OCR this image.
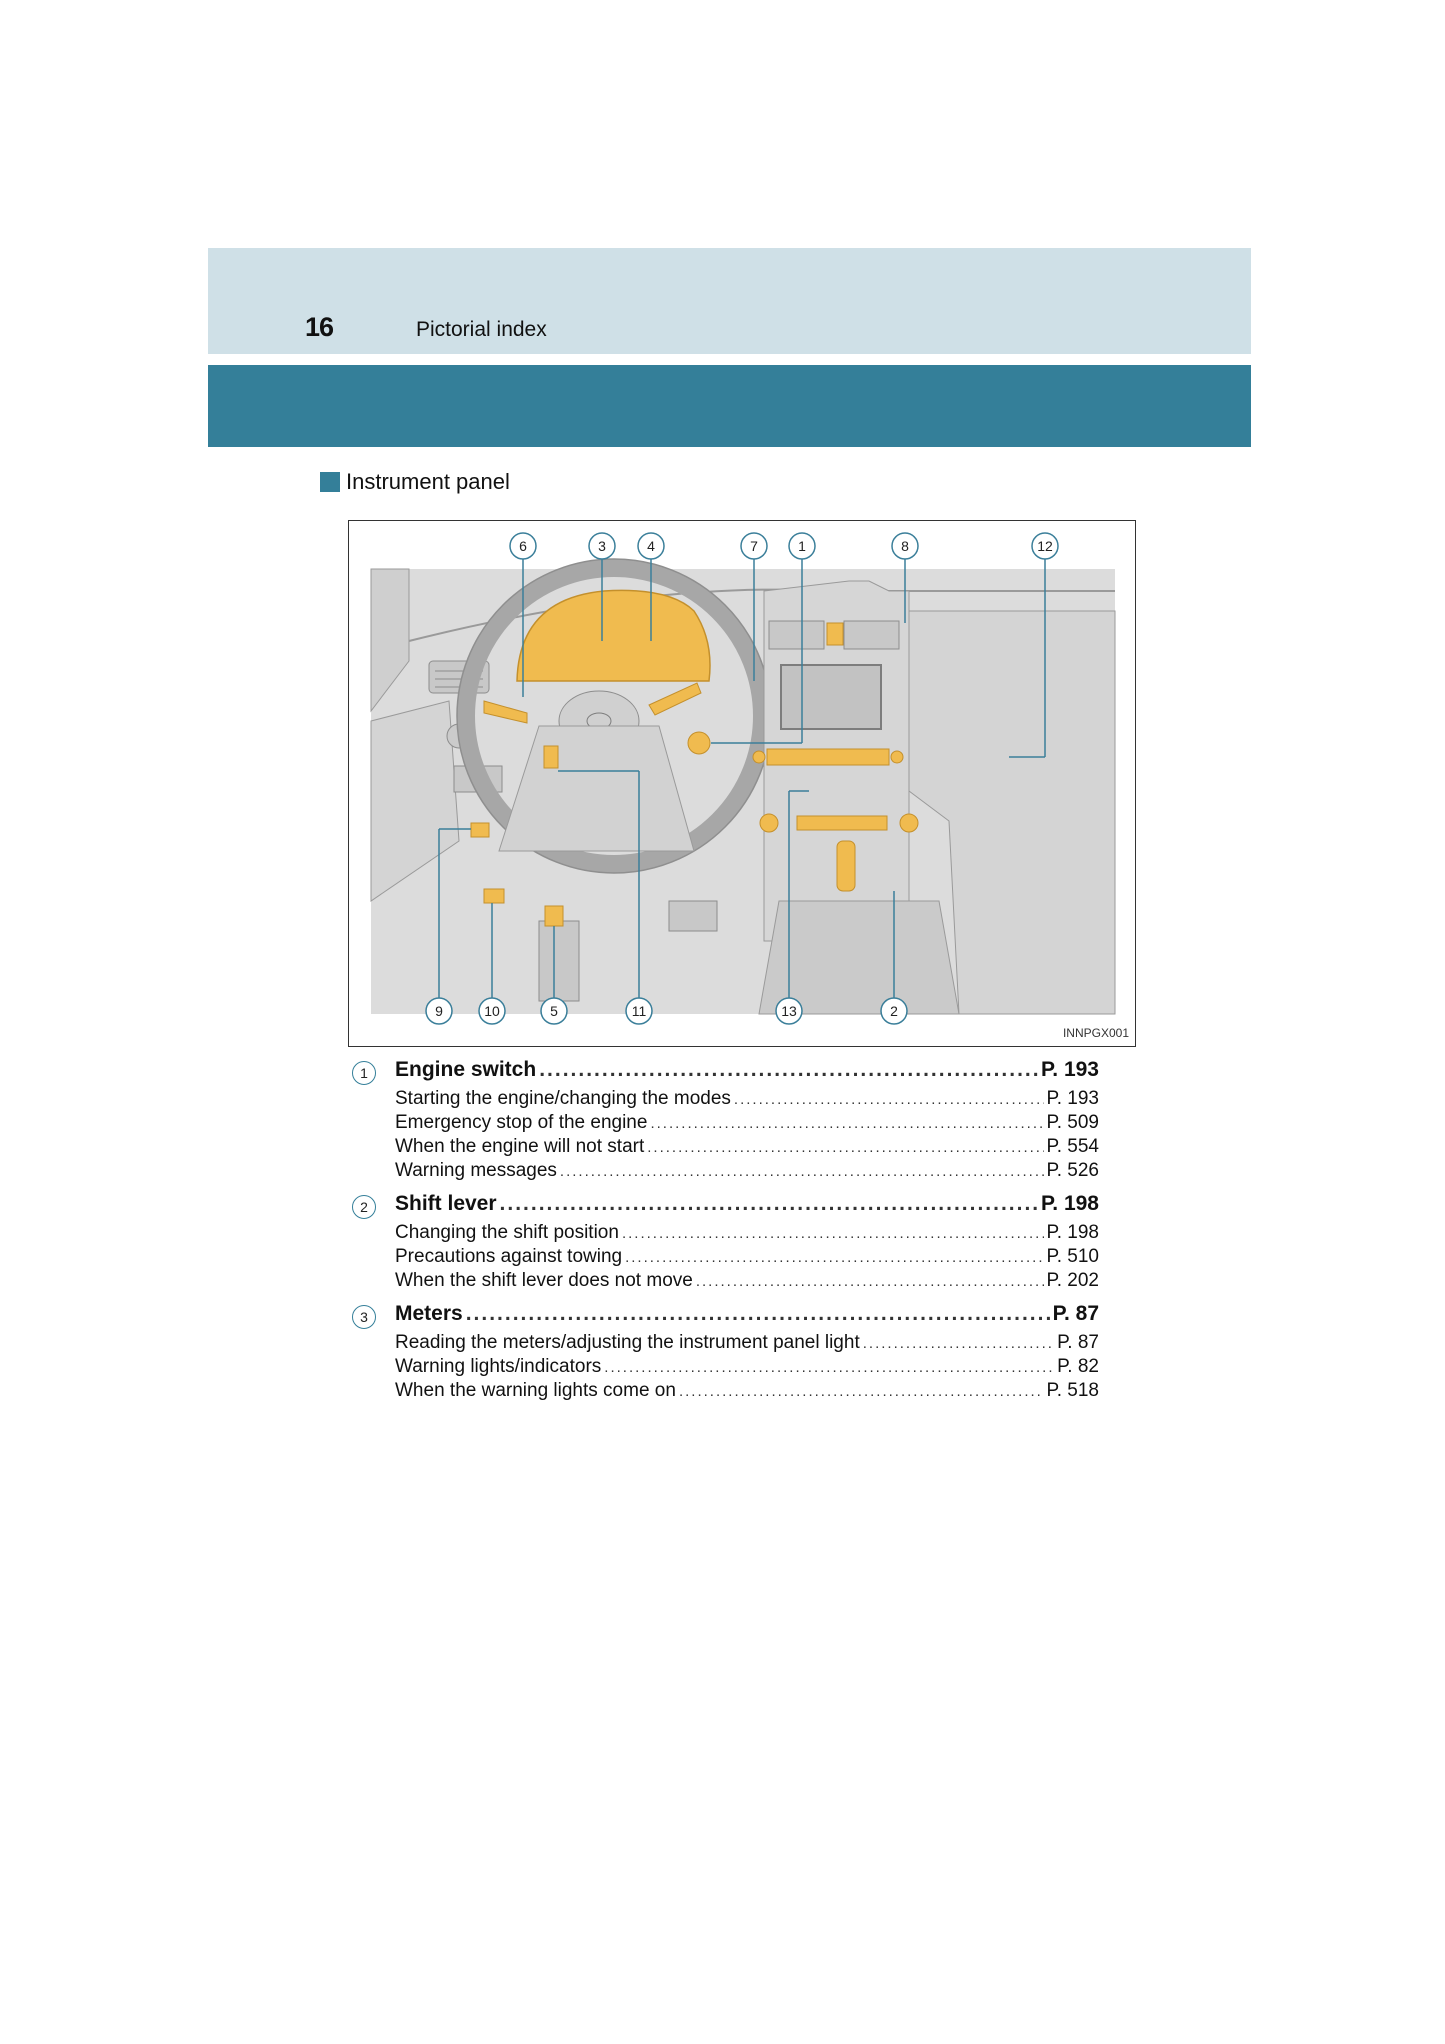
16	Pictorial index
Instrument panel
6	3	4	7	1	8	12
9	10	5	11	13	2
INNPGX001
1	Engine switch .....	P. 193
Starting the engine/changing the modes .....	P. 193
Emergency stop of the engine .....	P. 509
When the engine will not start .....	P. 554
Warning messages .....	P. 526
2	Shift lever .....	P. 198
Changing the shift position .....	P. 198
Precautions against towing .....	P. 510
When the shift lever does not move .....	P. 202
3	Meters .....	P. 87
Reading the meters/adjusting the instrument panel light .....	P. 87
Warning lights/indicators .....	P. 82
When the warning lights come on .....	P. 518
